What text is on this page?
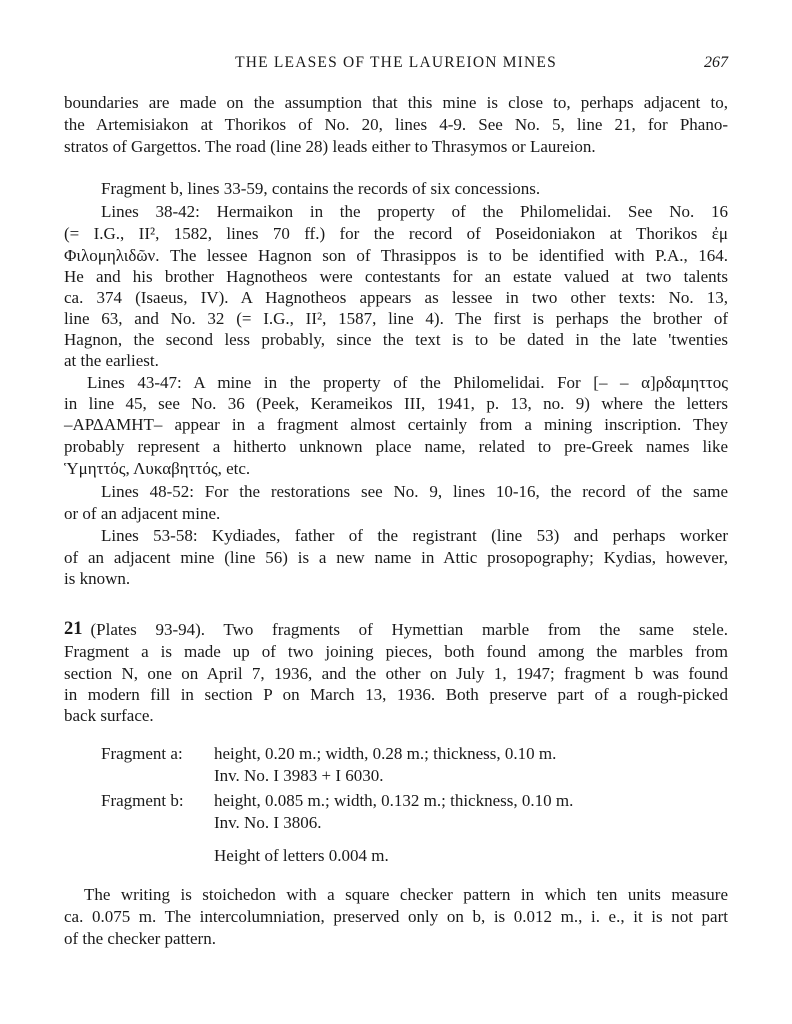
THE LEASES OF THE LAUREION MINES	267
boundaries are made on the assumption that this mine is close to, perhaps adjacent to,
the Artemisiakon at Thorikos of No. 20, lines 4-9. See No. 5, line 21, for Phano-
stratos of Gargettos. The road (line 28) leads either to Thrasymos or Laureion.
Fragment b, lines 33-59, contains the records of six concessions.
Lines 38-42: Hermaikon in the property of the Philomelidai. See No. 16
(= I.G., II², 1582, lines 70 ff.) for the record of Poseidoniakon at Thorikos ἐμ
Φιλομηλιδῶν. The lessee Hagnon son of Thrasippos is to be identified with P.A., 164.
He and his brother Hagnotheos were contestants for an estate valued at two talents
ca. 374 (Isaeus, IV). A Hagnotheos appears as lessee in two other texts: No. 13,
line 63, and No. 32 (= I.G., II², 1587, line 4). The first is perhaps the brother of
Hagnon, the second less probably, since the text is to be dated in the late 'twenties
at the earliest.
Lines 43-47: A mine in the property of the Philomelidai. For [– – α]ρδαμηττος
in line 45, see No. 36 (Peek, Kerameikos III, 1941, p. 13, no. 9) where the letters
–ΑΡΔΑΜΗΤ– appear in a fragment almost certainly from a mining inscription. They
probably represent a hitherto unknown place name, related to pre-Greek names like
Ὑμηττός, Λυκαβηττός, etc.
Lines 48-52: For the restorations see No. 9, lines 10-16, the record of the same
or of an adjacent mine.
Lines 53-58: Kydiades, father of the registrant (line 53) and perhaps worker
of an adjacent mine (line 56) is a new name in Attic prosopography; Kydias, however,
is known.
21 (Plates 93-94). Two fragments of Hymettian marble from the same stele.
Fragment a is made up of two joining pieces, both found among the marbles from
section N, one on April 7, 1936, and the other on July 1, 1947; fragment b was found
in modern fill in section P on March 13, 1936. Both preserve part of a rough-picked
back surface.
Fragment a: height, 0.20 m.; width, 0.28 m.; thickness, 0.10 m.
Inv. No. I 3983 + I 6030.
Fragment b: height, 0.085 m.; width, 0.132 m.; thickness, 0.10 m.
Inv. No. I 3806.
Height of letters 0.004 m.
The writing is stoichedon with a square checker pattern in which ten units measure
ca. 0.075 m. The intercolumniation, preserved only on b, is 0.012 m., i. e., it is not part
of the checker pattern.
